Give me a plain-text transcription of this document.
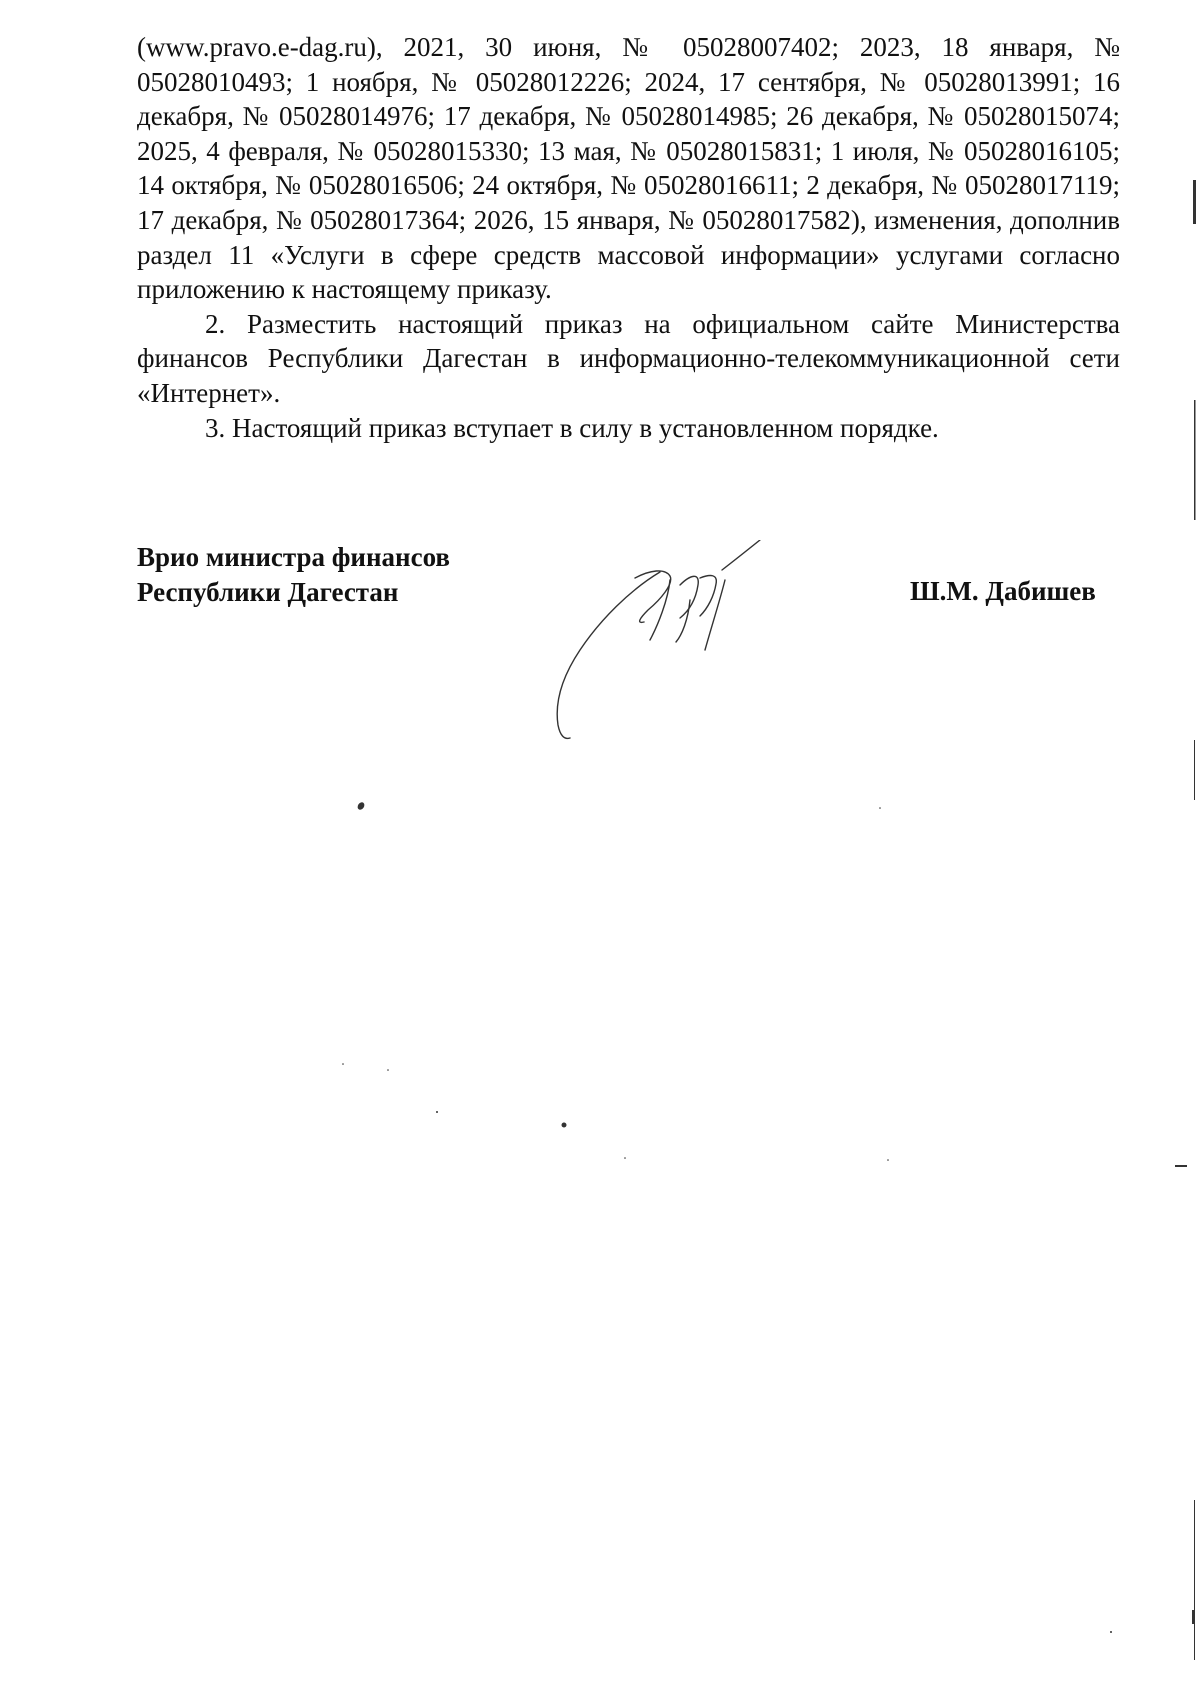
(www.pravo.e-dag.ru), 2021, 30 июня, № 05028007402; 2023, 18 января, № 05028010493; 1 ноября, № 05028012226; 2024, 17 сентября, № 05028013991; 16 декабря, № 05028014976; 17 декабря, № 05028014985; 26 декабря, № 05028015074; 2025, 4 февраля, № 05028015330; 13 мая, № 05028015831; 1 июля, № 05028016105; 14 октября, № 05028016506; 24 октября, № 05028016611; 2 декабря, № 05028017119; 17 декабря, № 05028017364; 2026, 15 января, № 05028017582), изменения, дополнив раздел 11 «Услуги в сфере средств массовой информации» услугами согласно приложению к настоящему приказу.

2. Разместить настоящий приказ на официальном сайте Министерства финансов Республики Дагестан в информационно-телекоммуникационной сети «Интернет».

3. Настоящий приказ вступает в силу в установленном порядке.

Врио министра финансов
Республики Дагестан	Ш.М. Дабишев
